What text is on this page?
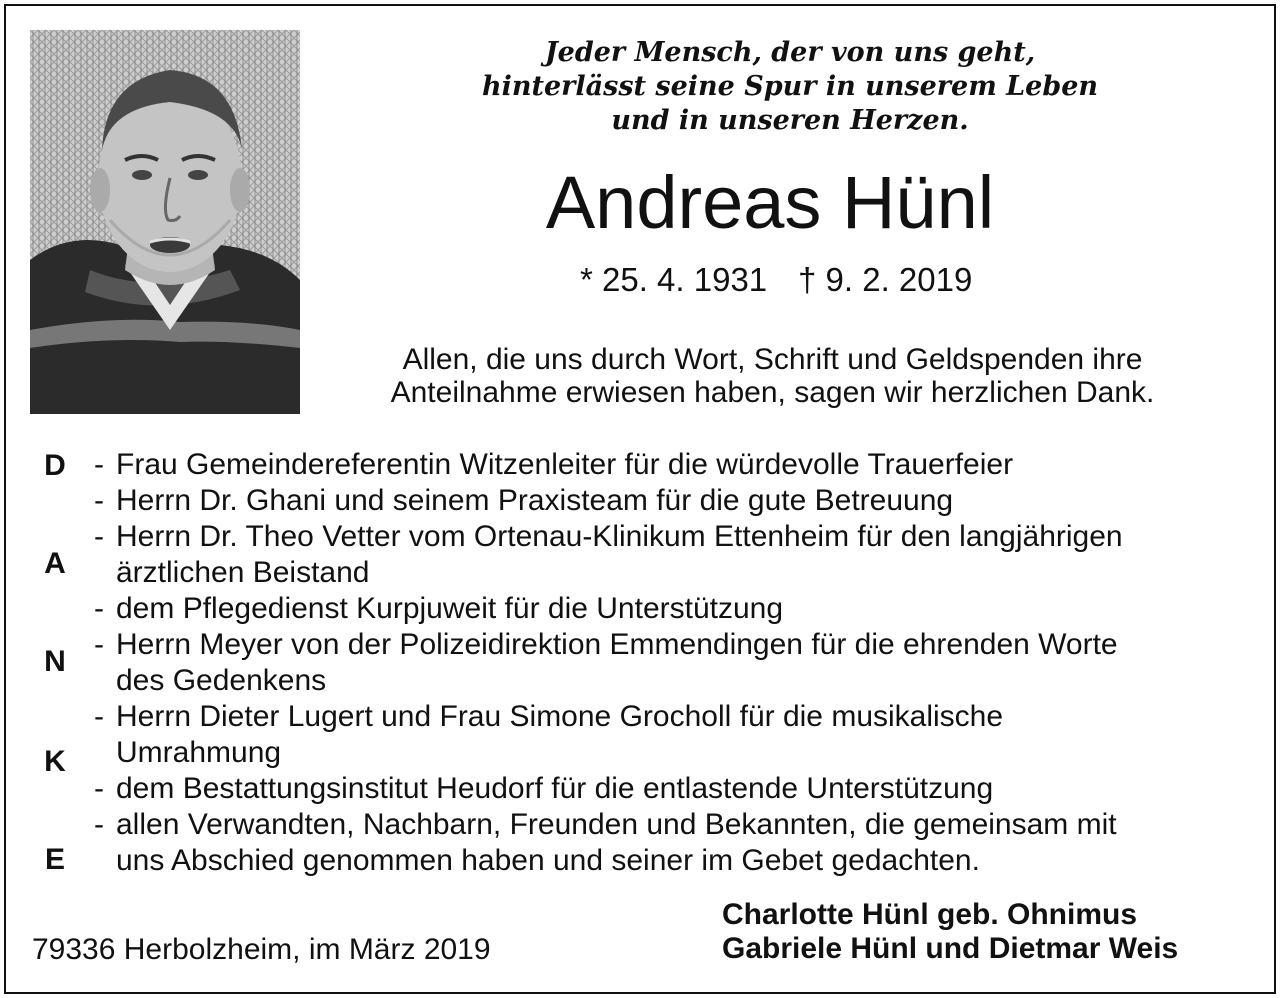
Jeder Mensch, der von uns geht,
hinterlässt seine Spur in unserem Leben
und in unseren Herzen.
Andreas Hünl
* 25. 4. 1931 † 9. 2. 2019
Allen, die uns durch Wort, Schrift und Geldspenden ihre
Anteilnahme erwiesen haben, sagen wir herzlichen Dank.
D
A
N
K
E
- Frau Gemeindereferentin Witzenleiter für die würdevolle Trauerfeier
- Herrn Dr. Ghani und seinem Praxisteam für die gute Betreuung
- Herrn Dr. Theo Vetter vom Ortenau-Klinikum Ettenheim für den langjährigen
ärztlichen Beistand
- dem Pflegedienst Kurpjuweit für die Unterstützung
- Herrn Meyer von der Polizeidirektion Emmendingen für die ehrenden Worte
des Gedenkens
- Herrn Dieter Lugert und Frau Simone Grocholl für die musikalische
Umrahmung
- dem Bestattungsinstitut Heudorf für die entlastende Unterstützung
- allen Verwandten, Nachbarn, Freunden und Bekannten, die gemeinsam mit
uns Abschied genommen haben und seiner im Gebet gedachten.
Charlotte Hünl geb. Ohnimus
Gabriele Hünl und Dietmar Weis
79336 Herbolzheim, im März 2019
